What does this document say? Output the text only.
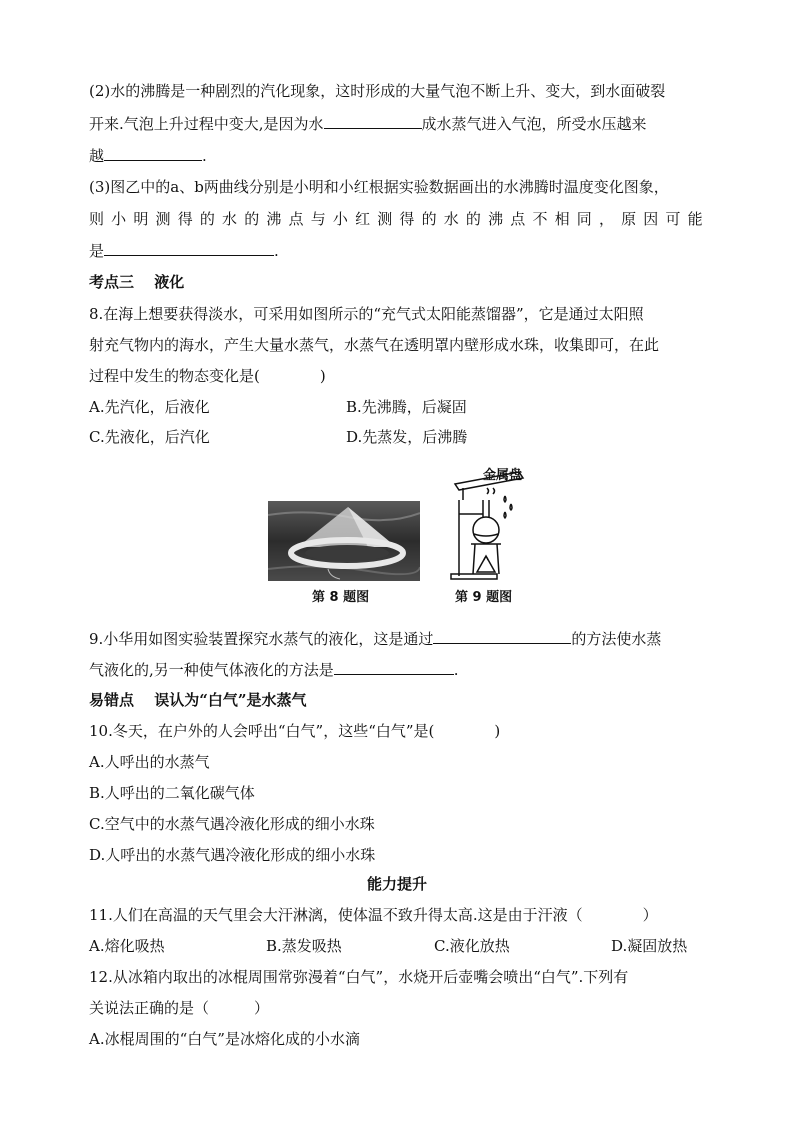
(2)水的沸腾是一种剧烈的汽化现象，这时形成的大量气泡不断上升、变大，到水面破裂
开来.气泡上升过程中变大,是因为水	成水蒸气进入气泡，所受水压越来
越	.
(3)图乙中的a、b两曲线分别是小明和小红根据实验数据画出的水沸腾时温度变化图象，
则 小 明 测 得 的 水 的 沸 点 与 小 红 测 得 的 水 的 沸 点 不 相 同 ， 原 因 可 能
是	.
考点三　 液化
8.在海上想要获得淡水，可采用如图所示的“充气式太阳能蒸馏器”，它是通过太阳照
射充气物内的海水，产生大量水蒸气，水蒸气在透明罩内壁形成水珠，收集即可，在此
过程中发生的物态变化是(　　　　)
A.先汽化，后液化	B.先沸腾，后凝固
C.先液化，后汽化	D.先蒸发，后沸腾
第 8 题图
金属盘
第 9 题图
9.小华用如图实验装置探究水蒸气的液化，这是通过	的方法使水蒸
气液化的,另一种使气体液化的方法是	.
易错点　 误认为“白气”是水蒸气
10.冬天，在户外的人会呼出“白气”，这些“白气”是(　　　　)
A.人呼出的水蒸气
B.人呼出的二氧化碳气体
C.空气中的水蒸气遇冷液化形成的细小水珠
D.人呼出的水蒸气遇冷液化形成的细小水珠
能力提升
11.人们在高温的天气里会大汗淋漓，使体温不致升得太高.这是由于汗液（　　　　）
A.熔化吸热	B.蒸发吸热	C.液化放热	D.凝固放热
12.从冰箱内取出的冰棍周围常弥漫着“白气”，水烧开后壶嘴会喷出“白气”.下列有
关说法正确的是（　　　）
A.冰棍周围的“白气”是冰熔化成的小水滴
